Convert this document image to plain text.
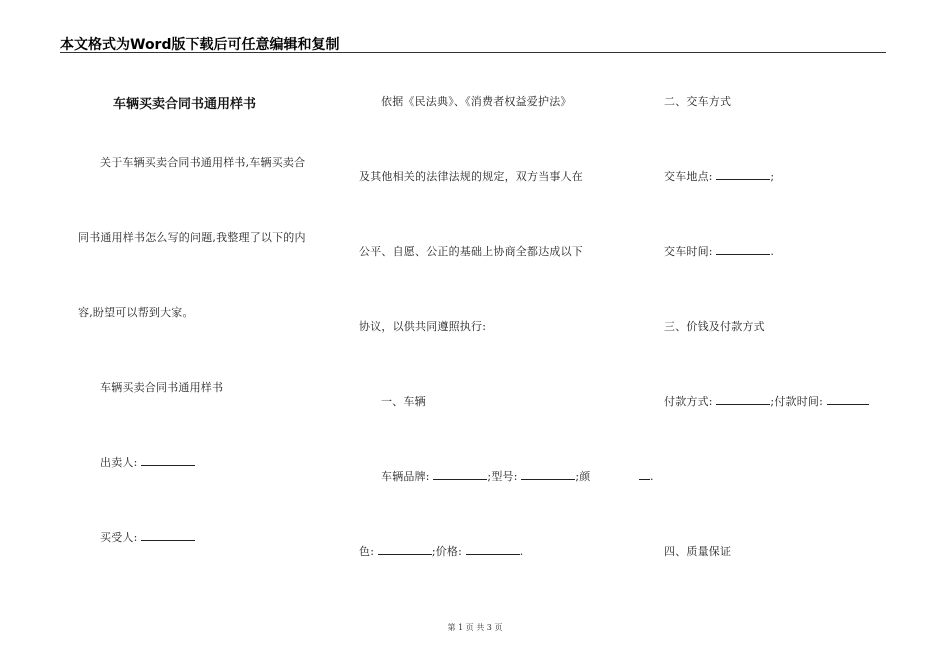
本文格式为Word版下载后可任意编辑和复制
车辆买卖合同书通用样书
关于车辆买卖合同书通用样书,车辆买卖合
同书通用样书怎么写的问题,我整理了以下的内
容,盼望可以帮到大家。
车辆买卖合同书通用样书
出卖人:
买受人:
依据《民法典》、《消费者权益爱护法》
及其他相关的法律法规的规定，双方当事人在
公平、自愿、公正的基础上协商全都达成以下
协议，以供共同遵照执行:
一、车辆
车辆品牌:	;型号:	;颜	.
色:	;价格:	.
二、交车方式
交车地点:	;
交车时间:	.
三、价钱及付款方式
付款方式:	;付款时间:
四、质量保证
第 1 页 共 3 页
